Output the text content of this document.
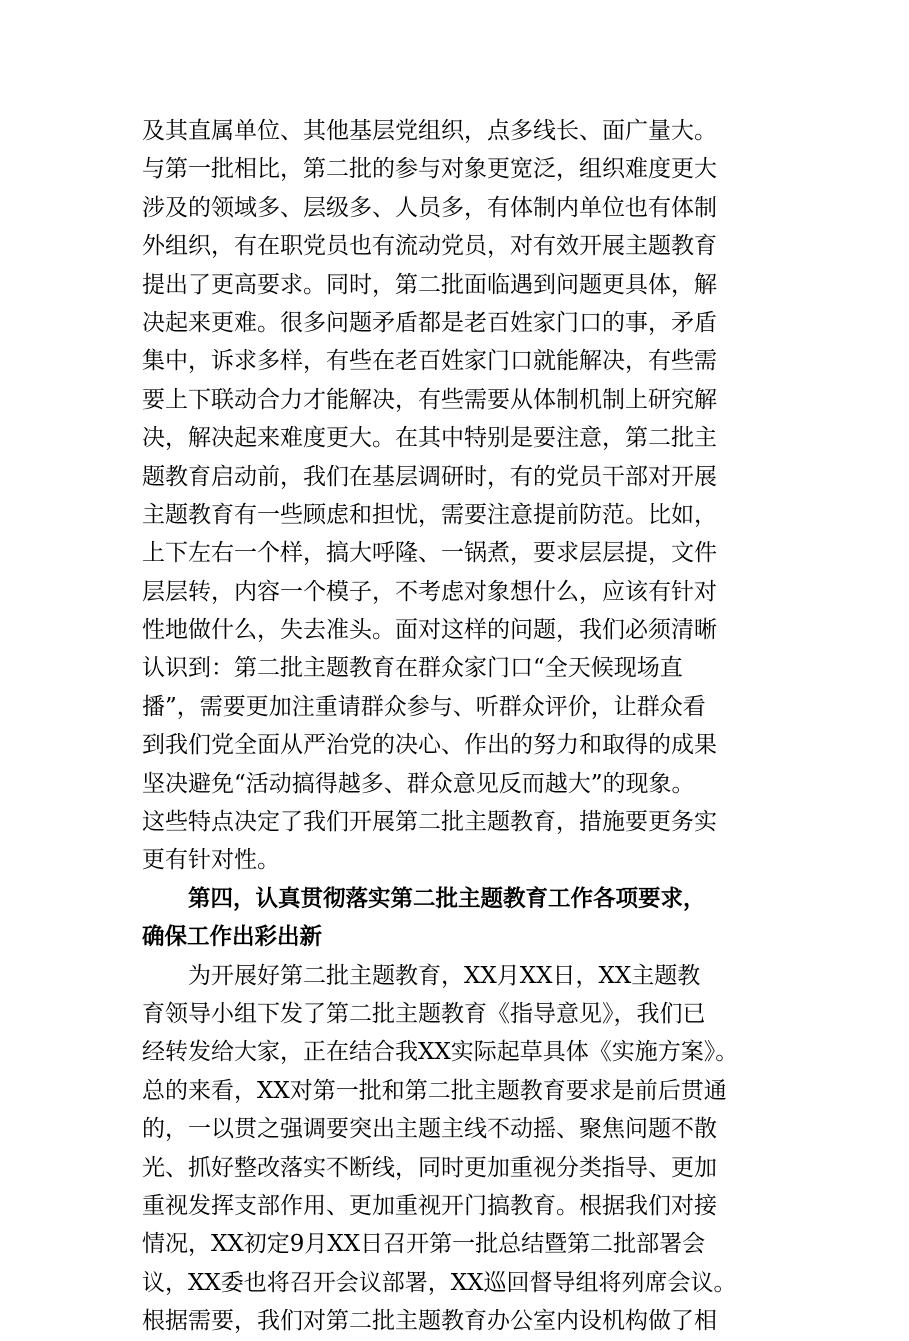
及其直属单位、其他基层党组织，点多线长、面广量大。
与第一批相比，第二批的参与对象更宽泛，组织难度更大
涉及的领域多、层级多、人员多，有体制内单位也有体制
外组织，有在职党员也有流动党员，对有效开展主题教育
提出了更高要求。同时，第二批面临遇到问题更具体，解
决起来更难。很多问题矛盾都是老百姓家门口的事，矛盾
集中，诉求多样，有些在老百姓家门口就能解决，有些需
要上下联动合力才能解决，有些需要从体制机制上研究解
决，解决起来难度更大。在其中特别是要注意，第二批主
题教育启动前，我们在基层调研时，有的党员干部对开展
主题教育有一些顾虑和担忧，需要注意提前防范。比如，
上下左右一个样，搞大呼隆、一锅煮，要求层层提，文件
层层转，内容一个模子，不考虑对象想什么，应该有针对
性地做什么，失去准头。面对这样的问题，我们必须清晰
认识到：第二批主题教育在群众家门口“全天候现场直
播”，需要更加注重请群众参与、听群众评价，让群众看
到我们党全面从严治党的决心、作出的努力和取得的成果
坚决避免“活动搞得越多、群众意见反而越大”的现象。
这些特点决定了我们开展第二批主题教育，措施要更务实
更有针对性。
第四，认真贯彻落实第二批主题教育工作各项要求，
确保工作出彩出新
为开展好第二批主题教育，XX月XX日，XX主题教
育领导小组下发了第二批主题教育《指导意见》，我们已
经转发给大家，正在结合我XX实际起草具体《实施方案》。
总的来看，XX对第一批和第二批主题教育要求是前后贯通
的，一以贯之强调要突出主题主线不动摇、聚焦问题不散
光、抓好整改落实不断线，同时更加重视分类指导、更加
重视发挥支部作用、更加重视开门搞教育。根据我们对接
情况，XX初定9月XX日召开第一批总结暨第二批部署会
议，XX委也将召开会议部署，XX巡回督导组将列席会议。
根据需要，我们对第二批主题教育办公室内设机构做了相
